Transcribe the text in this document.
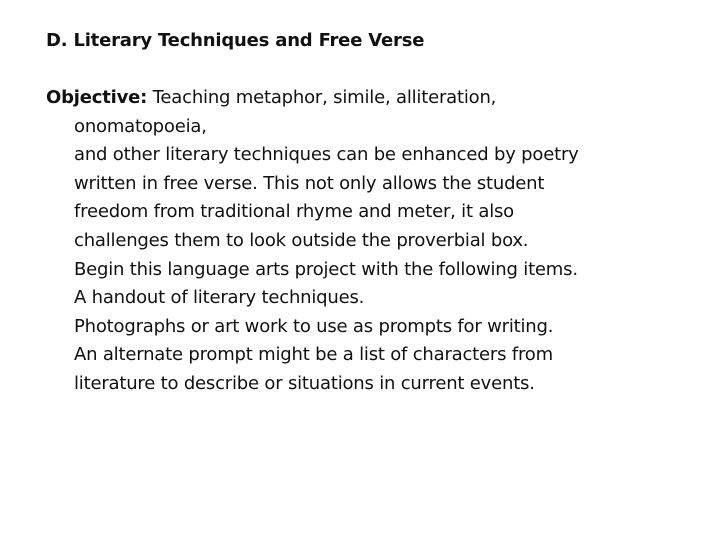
D. Literary Techniques and Free Verse
Objective: Teaching metaphor, simile, alliteration,
onomatopoeia,
and other literary techniques can be enhanced by poetry
written in free verse. This not only allows the student
freedom from traditional rhyme and meter, it also
challenges them to look outside the proverbial box.
Begin this language arts project with the following items.
A handout of literary techniques.
Photographs or art work to use as prompts for writing.
An alternate prompt might be a list of characters from
literature to describe or situations in current events.
